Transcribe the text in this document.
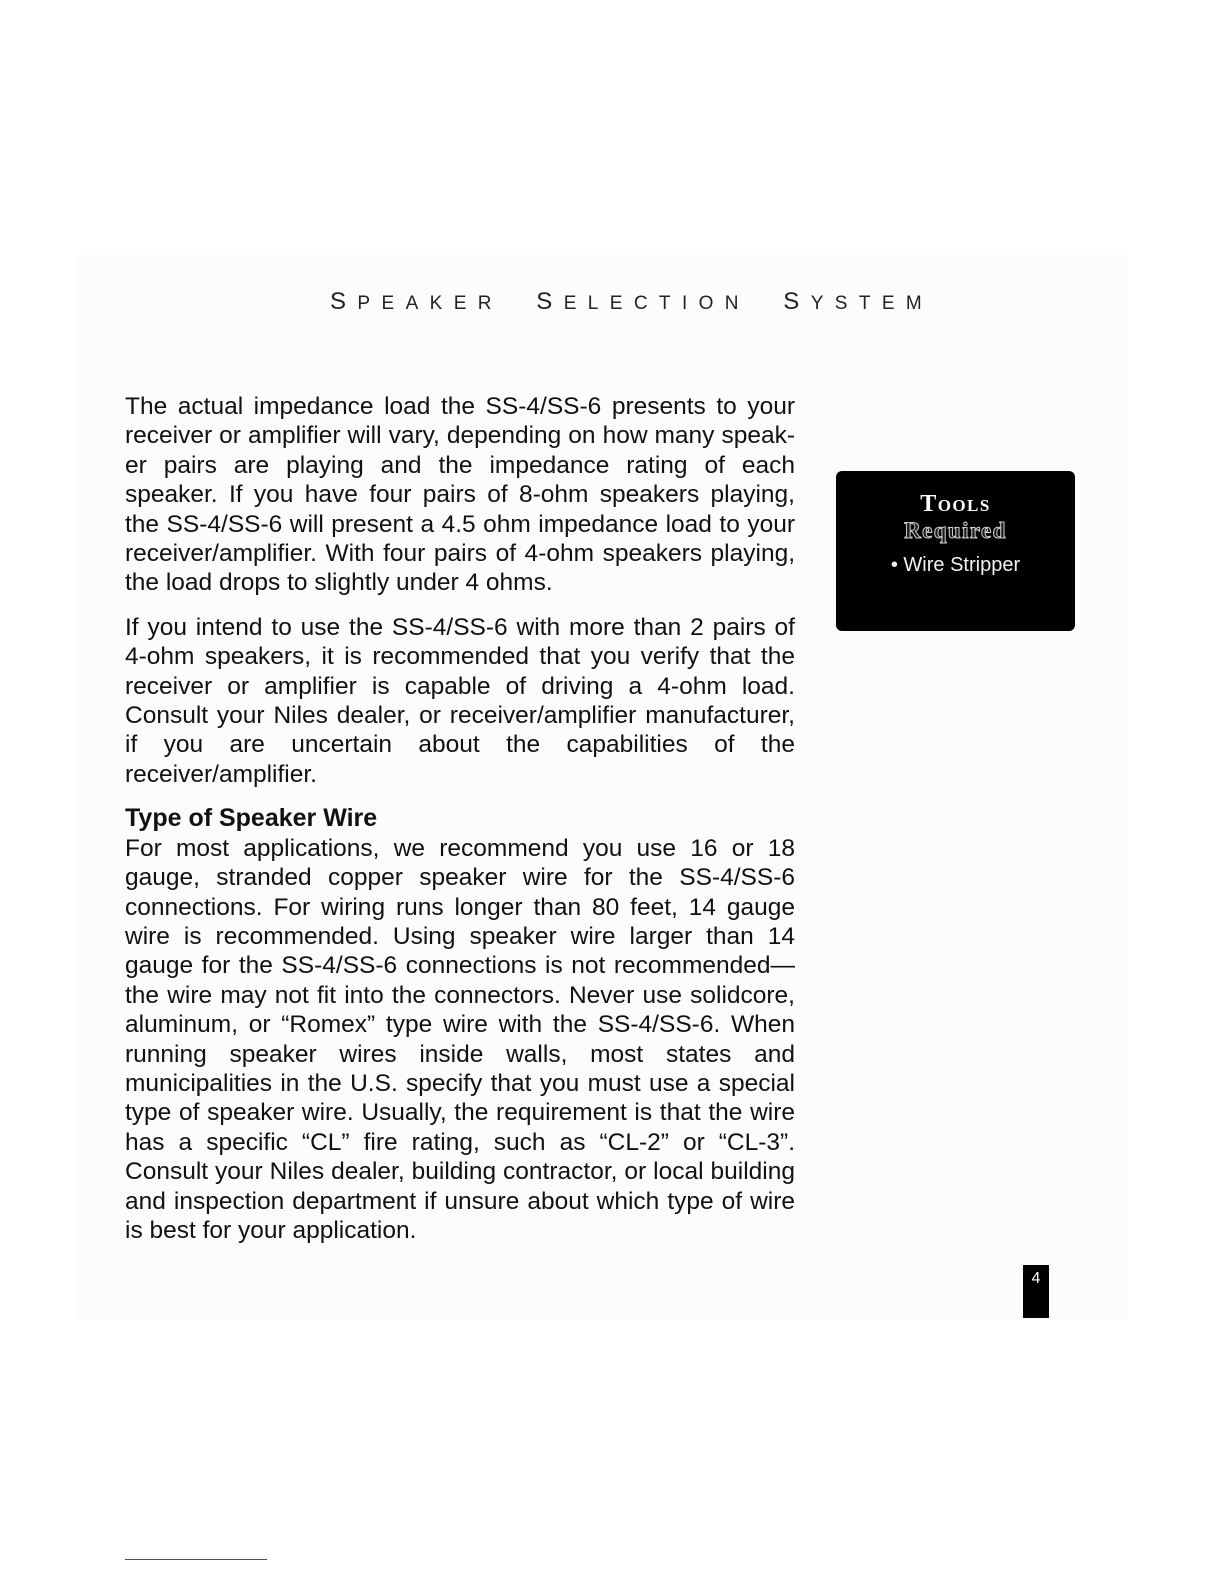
SPEAKER SELECTION SYSTEM

The actual impedance load the SS-4/SS-6 presents to your receiver or amplifier will vary, depending on how many speaker pairs are playing and the impedance rating of each speaker. If you have four pairs of 8-ohm speakers playing, the SS-4/SS-6 will present a 4.5 ohm impedance load to your receiver/amplifier. With four pairs of 4-ohm speakers playing, the load drops to slightly under 4 ohms.

If you intend to use the SS-4/SS-6 with more than 2 pairs of 4-ohm speakers, it is recommended that you verify that the receiver or amplifier is capable of driving a 4-ohm load. Consult your Niles dealer, or receiver/amplifier manufacturer, if you are uncertain about the capabilities of the receiver/amplifier.

Type of Speaker Wire

For most applications, we recommend you use 16 or 18 gauge, stranded copper speaker wire for the SS-4/SS-6 connections. For wiring runs longer than 80 feet, 14 gauge wire is recommended. Using speaker wire larger than 14 gauge for the SS-4/SS-6 connections is not recommended—the wire may not fit into the connectors. Never use solidcore, aluminum, or “Romex” type wire with the SS-4/SS-6. When running speaker wires inside walls, most states and municipalities in the U.S. specify that you must use a special type of speaker wire. Usually, the requirement is that the wire has a specific “CL” fire rating, such as “CL-2” or “CL-3”. Consult your Niles dealer, building contractor, or local building and inspection department if unsure about which type of wire is best for your application.

Tools
Required
• Wire Stripper
4
